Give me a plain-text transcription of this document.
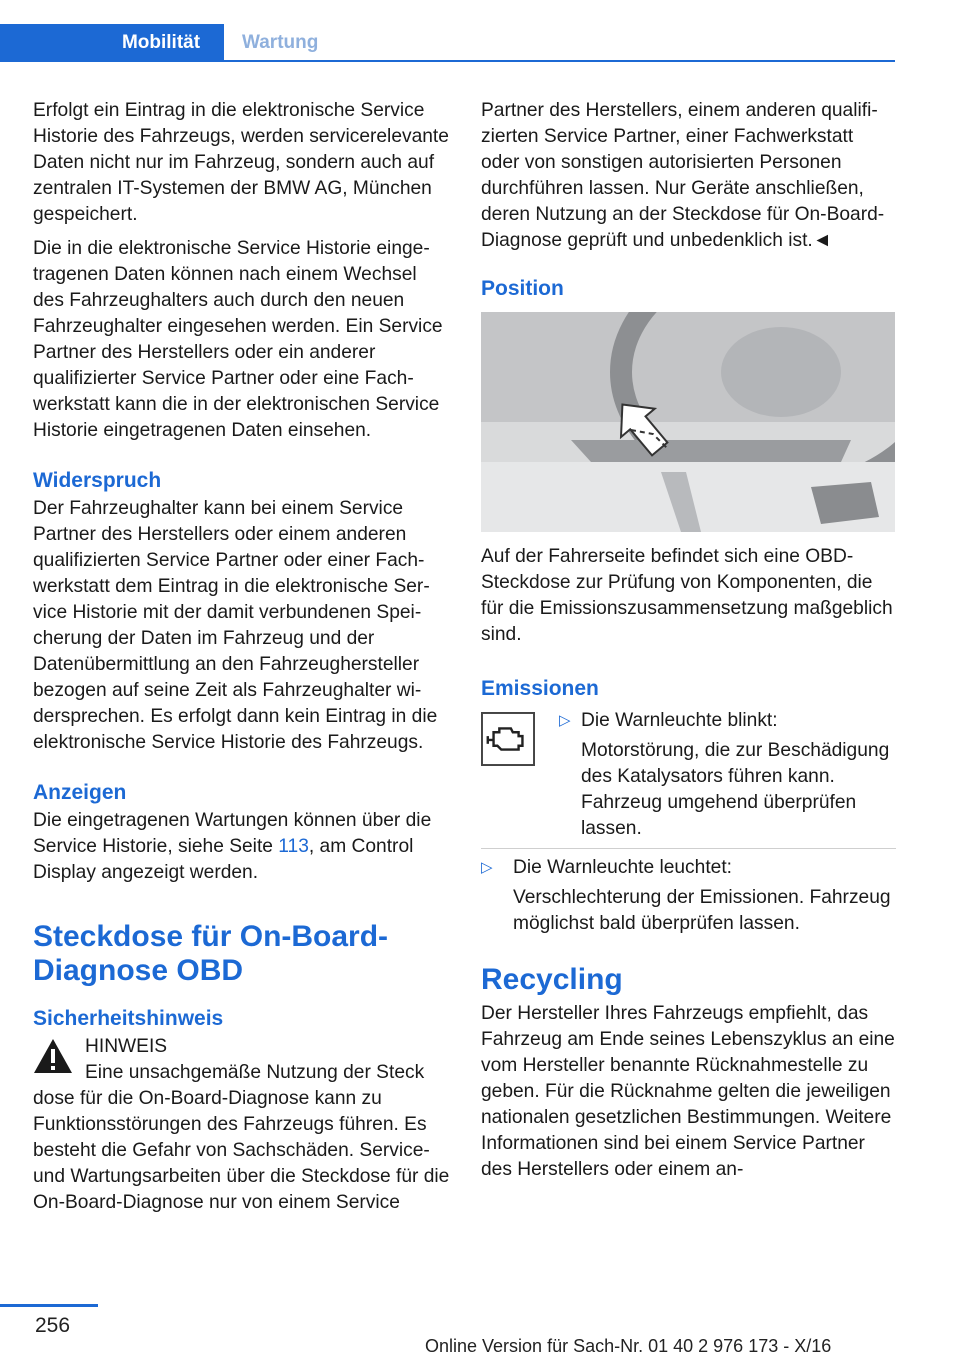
Mobilität	Wartung

Erfolgt ein Eintrag in die elektronische Service Historie des Fahrzeugs, werden servicerelevante Daten nicht nur im Fahrzeug, sondern auch auf zentralen IT-Systemen der BMW AG, München gespeichert.

Die in die elektronische Service Historie eingetragenen Daten können nach einem Wechsel des Fahrzeughalters auch durch den neuen Fahrzeughalter eingesehen werden. Ein Service Partner des Herstellers oder ein anderer qualifizierter Service Partner oder eine Fachwerkstatt kann die in der elektronischen Service Historie eingetragenen Daten einsehen.

Widerspruch

Der Fahrzeughalter kann bei einem Service Partner des Herstellers oder einem anderen qualifizierten Service Partner oder einer Fachwerkstatt dem Eintrag in die elektronische Service Historie mit der damit verbundenen Speicherung der Daten im Fahrzeug und der Datenübermittlung an den Fahrzeughersteller bezogen auf seine Zeit als Fahrzeughalter widersprechen. Es erfolgt dann kein Eintrag in die elektronische Service Historie des Fahrzeugs.

Anzeigen

Die eingetragenen Wartungen können über die Service Historie, siehe Seite 113, am Control Display angezeigt werden.

Steckdose für On-Board-Diagnose OBD
Sicherheitshinweis
HINWEIS
Eine unsachgemäße Nutzung der Steck
dose für die On-Board-Diagnose kann zu Funktionsstörungen des Fahrzeugs führen. Es besteht die Gefahr von Sachschäden. Service- und Wartungsarbeiten über die Steckdose für die On-Board-Diagnose nur von einem Service

Partner des Herstellers, einem anderen qualifizierten Service Partner, einer Fachwerkstatt oder von sonstigen autorisierten Personen durchführen lassen. Nur Geräte anschließen, deren Nutzung an der Steckdose für On-Board-Diagnose geprüft und unbedenklich ist.◄

Position

Auf der Fahrerseite befindet sich eine OBD-Steckdose zur Prüfung von Komponenten, die für die Emissionszusammensetzung maßgeblich sind.

Emissionen
▷ Die Warnleuchte blinkt:
Motorstörung, die zur Beschädigung des Katalysators führen kann. Fahrzeug umgehend überprüfen lassen.
▷ Die Warnleuchte leuchtet:
Verschlechterung der Emissionen. Fahrzeug möglichst bald überprüfen lassen.
Recycling

Der Hersteller Ihres Fahrzeugs empfiehlt, das Fahrzeug am Ende seines Lebenszyklus an eine vom Hersteller benannte Rücknahmestelle zu geben. Für die Rücknahme gelten die jeweiligen nationalen gesetzlichen Bestimmungen. Weitere Informationen sind bei einem Service Partner des Herstellers oder einem an-

256
Online Version für Sach-Nr. 01 40 2 976 173 - X/16
